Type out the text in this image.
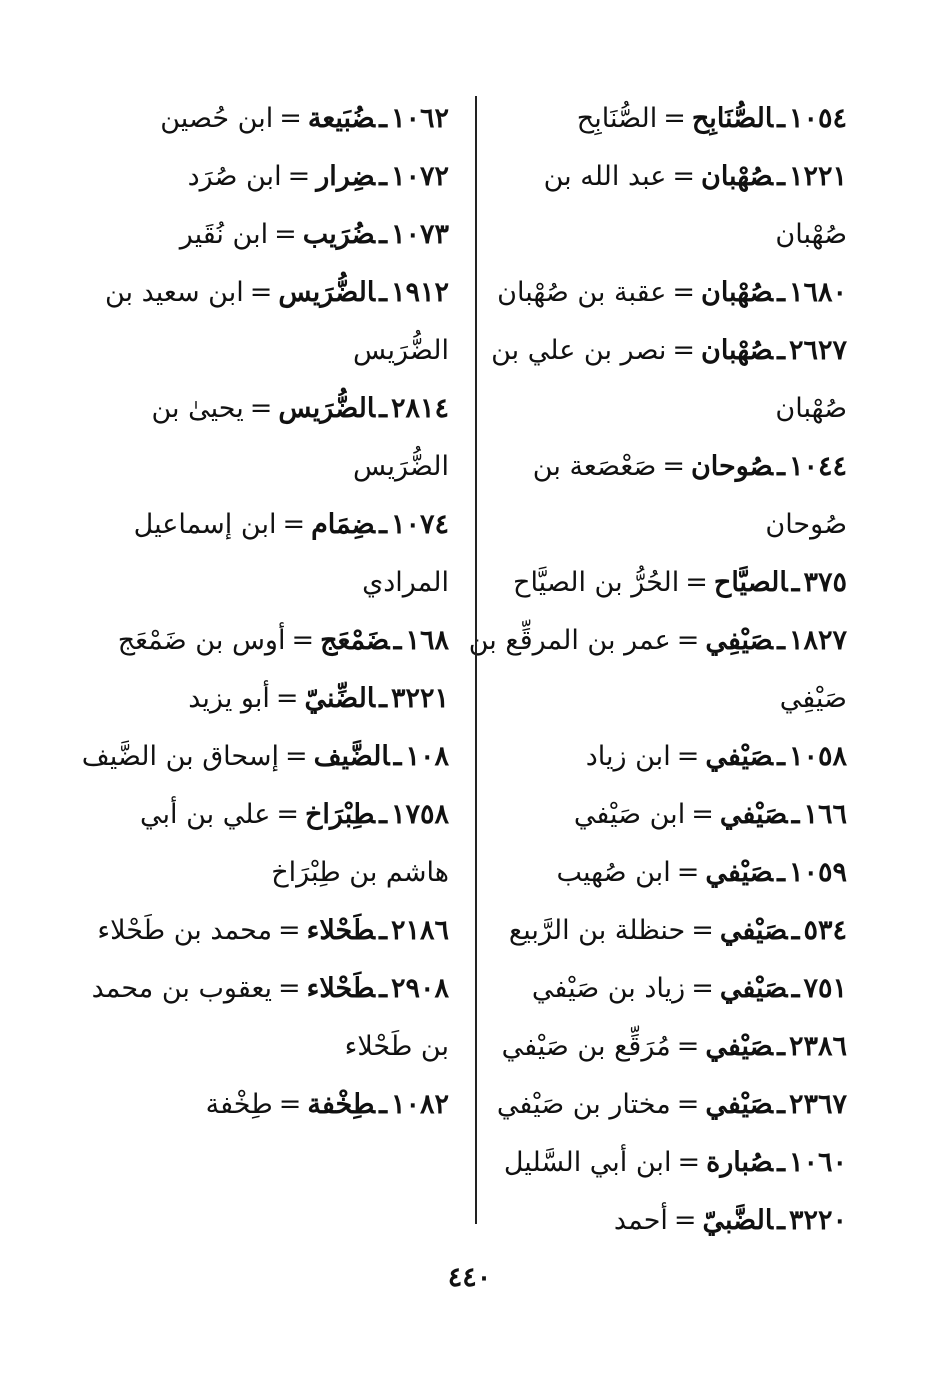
١٠٥٤ـالصُّنَابِح=الصُّنَابِح
١٢٢١ـصُهْبان=عبد الله بن صُهْبان
١٦٨٠ـصُهْبان=عقبة بن صُهْبان
٢٦٢٧ـصُهْبان=نصر بن علي بن صُهْبان
١٠٤٤ـصُوحان=صَعْصَعة بن صُوحان
٣٧٥ـالصيَّاح=الحُرُّ بن الصيَّاح
١٨٢٧ـصَيْفِي=عمر بن المرقِّع بن صَيْفِي
١٠٥٨ـصَيْفي=ابن زياد
١٦٦ـصَيْفي=ابن صَيْفي
١٠٥٩ـصَيْفي=ابن صُهيب
٥٣٤ـصَيْفي=حنظلة بن الرَّبيع
٧٥١ـصَيْفي=زياد بن صَيْفي
٢٣٨٦ـصَيْفي=مُرَقِّع بن صَيْفي
٢٣٦٧ـصَيْفي=مختار بن صَيْفي
١٠٦٠ـصُبارة=ابن أبي السَّليل
٣٢٢٠ـالضَّبيّ=أحمد
١٠٦٢ـضُبَيعة=ابن حُصين
١٠٧٢ـضِرار=ابن صُرَد
١٠٧٣ـضُرَيب=ابن نُقَير
١٩١٢ـالضُّرَيس=ابن سعيد بن الضُّرَيس
٢٨١٤ـالضُّرَيس=يحيىٰ بن الضُّرَيس
١٠٧٤ـضِمَام=ابن إسماعيل المرادي
١٦٨ـضَمْعَج=أوس بن ضَمْعَج
٣٢٢١ـالضِّنيّ=أبو يزيد
١٠٨ـالضَّيف=إسحاق بن الضَّيف
١٧٥٨ـطِبْرَاخ=علي بن أبي هاشم بن طِبْرَاخ
٢١٨٦ـطَحْلاء=محمد بن طَحْلاء
٢٩٠٨ـطَحْلاء=يعقوب بن محمد بن طَحْلاء
١٠٨٢ـطِخْفة=طِخْفة
٤٤٠
